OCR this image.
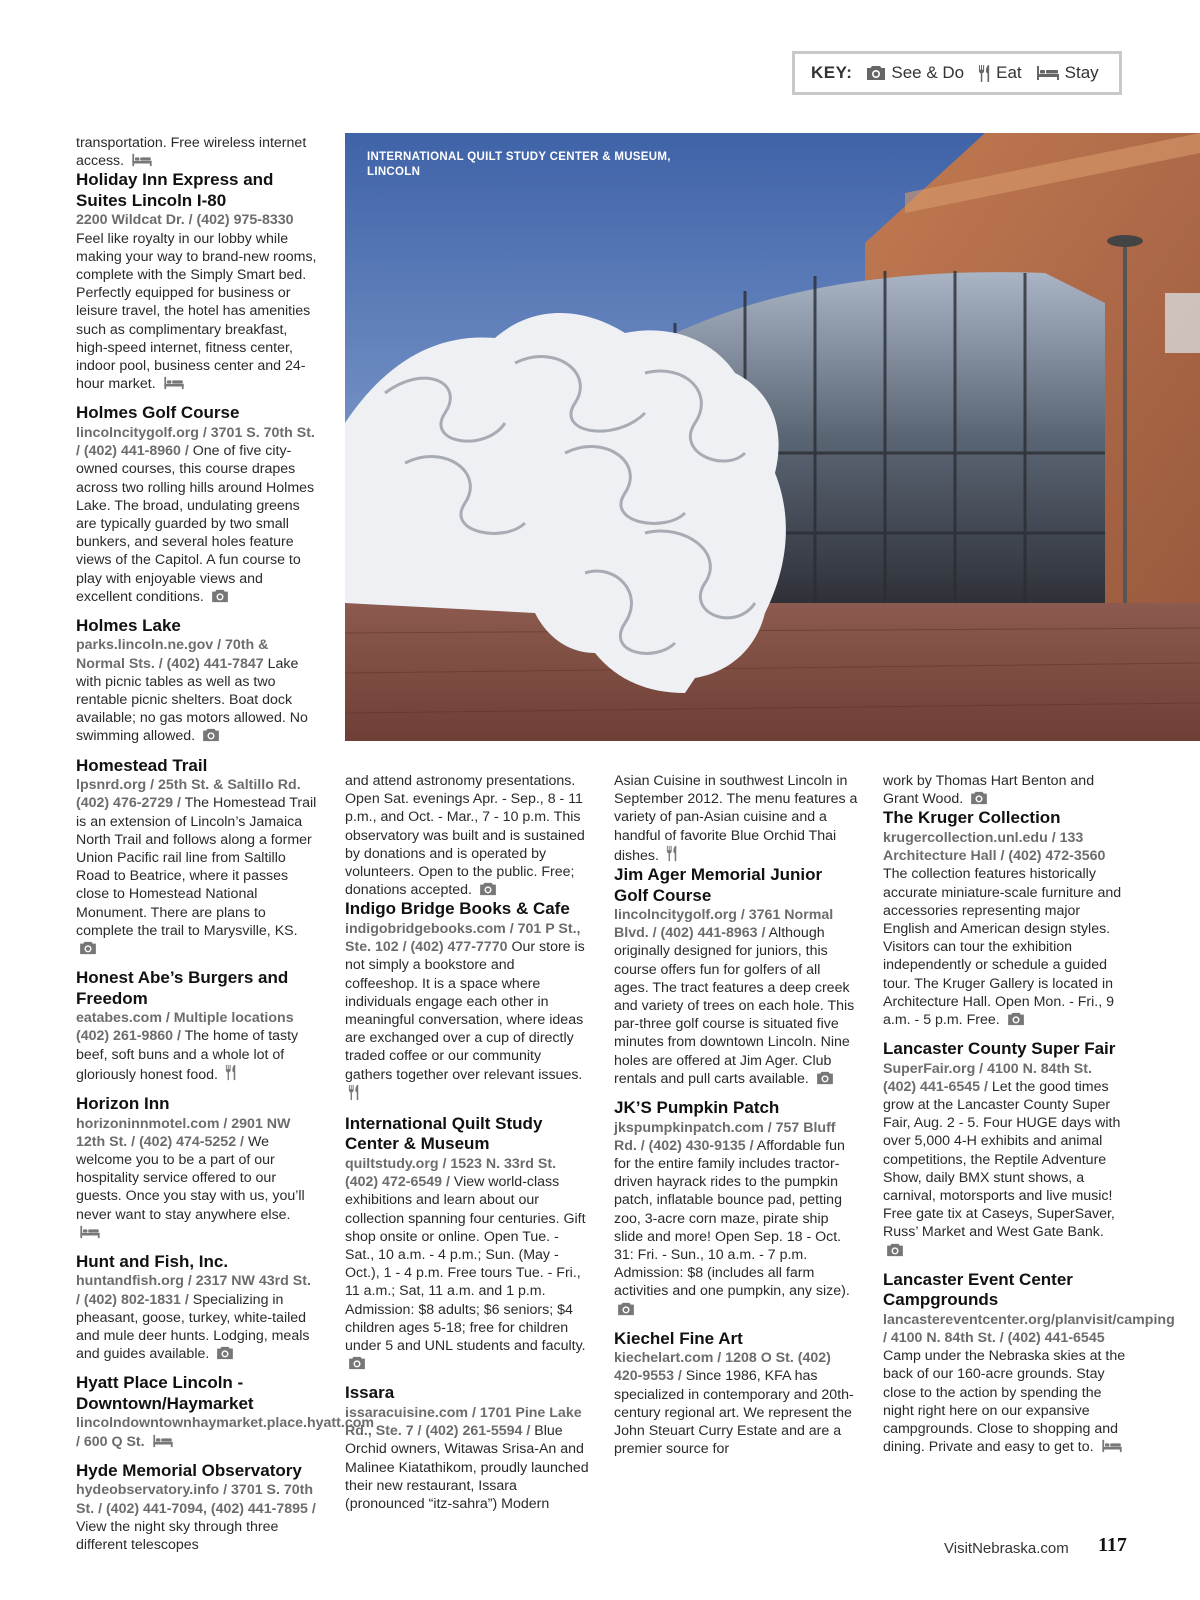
KEY: See & Do Eat	Stay
INTERNATIONAL QUILT STUDY CENTER & MUSEUM, LINCOLN

transportation. Free wireless internet access.

Holiday Inn Express and Suites Lincoln I-80

2200 Wildcat Dr. / (402) 975-8330 Feel like royalty in our lobby while making your way to brand-new rooms, complete with the Simply Smart bed. Perfectly equipped for business or leisure travel, the hotel has amenities such as complimentary breakfast, high-speed internet, fitness center, indoor pool, business center and 24-hour market.

Holmes Golf Course

lincolncitygolf.org / 3701 S. 70th St. / (402) 441-8960 / One of five city-owned courses, this course drapes across two rolling hills around Holmes Lake. The broad, undulating greens are typically guarded by two small bunkers, and several holes feature views of the Capitol. A fun course to play with enjoyable views and excellent conditions.

Holmes Lake

parks.lincoln.ne.gov / 70th & Normal Sts. / (402) 441-7847 Lake with picnic tables as well as two rentable picnic shelters. Boat dock available; no gas motors allowed. No swimming allowed.

Homestead Trail

lpsnrd.org / 25th St. & Saltillo Rd. (402) 476-2729 / The Homestead Trail is an extension of Lincoln’s Jamaica North Trail and follows along a former Union Pacific rail line from Saltillo Road to Beatrice, where it passes close to Homestead National Monument. There are plans to complete the trail to Marysville, KS.

Honest Abe’s Burgers and Freedom

eatabes.com / Multiple locations (402) 261-9860 / The home of tasty beef, soft buns and a whole lot of gloriously honest food.

Horizon Inn

horizoninnmotel.com / 2901 NW 12th St. / (402) 474-5252 / We welcome you to be a part of our hospitality service offered to our guests. Once you stay with us, you’ll never want to stay anywhere else.

Hunt and Fish, Inc.

huntandfish.org / 2317 NW 43rd St. / (402) 802-1831 / Specializing in pheasant, goose, turkey, white-tailed and mule deer hunts. Lodging, meals and guides available.

Hyatt Place Lincoln - Downtown/Haymarket

lincolndowntownhaymarket.place.hyatt.com / 600 Q St.

Hyde Memorial Observatory

hydeobservatory.info / 3701 S. 70th St. / (402) 441-7094, (402) 441-7895 / View the night sky through three different telescopes

and attend astronomy presentations. Open Sat. evenings Apr. - Sep., 8 - 11 p.m., and Oct. - Mar., 7 - 10 p.m. This observatory was built and is sustained by donations and is operated by volunteers. Open to the public. Free; donations accepted.

Indigo Bridge Books & Cafe

indigobridgebooks.com / 701 P St., Ste. 102 / (402) 477-7770 Our store is not simply a bookstore and coffeeshop. It is a space where individuals engage each other in meaningful conversation, where ideas are exchanged over a cup of directly traded coffee or our community gathers together over relevant issues.

International Quilt Study Center & Museum

quiltstudy.org / 1523 N. 33rd St. (402) 472-6549 / View world-class exhibitions and learn about our collection spanning four centuries. Gift shop onsite or online. Open Tue. - Sat., 10 a.m. - 4 p.m.; Sun. (May - Oct.), 1 - 4 p.m. Free tours Tue. - Fri., 11 a.m.; Sat, 11 a.m. and 1 p.m. Admission: $8 adults; $6 seniors; $4 children ages 5-18; free for children under 5 and UNL students and faculty.

Issara

issaracuisine.com / 1701 Pine Lake Rd., Ste. 7 / (402) 261-5594 / Blue Orchid owners, Witawas Srisa-An and Malinee Kiatathikom, proudly launched their new restaurant, Issara (pronounced “itz-sahra”) Modern

Asian Cuisine in southwest Lincoln in September 2012. The menu features a variety of pan-Asian cuisine and a handful of favorite Blue Orchid Thai dishes.

Jim Ager Memorial Junior Golf Course

lincolncitygolf.org / 3761 Normal Blvd. / (402) 441-8963 / Although originally designed for juniors, this course offers fun for golfers of all ages. The tract features a deep creek and variety of trees on each hole. This par-three golf course is situated five minutes from downtown Lincoln. Nine holes are offered at Jim Ager. Club rentals and pull carts available.

JK’S Pumpkin Patch

jkspumpkinpatch.com / 757 Bluff Rd. / (402) 430-9135 / Affordable fun for the entire family includes tractor-driven hayrack rides to the pumpkin patch, inflatable bounce pad, petting zoo, 3-acre corn maze, pirate ship slide and more! Open Sep. 18 - Oct. 31: Fri. - Sun., 10 a.m. - 7 p.m. Admission: $8 (includes all farm activities and one pumpkin, any size).

Kiechel Fine Art

kiechelart.com / 1208 O St. (402) 420-9553 / Since 1986, KFA has specialized in contemporary and 20th-century regional art. We represent the John Steuart Curry Estate and are a premier source for

work by Thomas Hart Benton and Grant Wood.

The Kruger Collection

krugercollection.unl.edu / 133 Architecture Hall / (402) 472-3560 The collection features historically accurate miniature-scale furniture and accessories representing major English and American design styles. Visitors can tour the exhibition independently or schedule a guided tour. The Kruger Gallery is located in Architecture Hall. Open Mon. - Fri., 9 a.m. - 5 p.m. Free.

Lancaster County Super Fair

SuperFair.org / 4100 N. 84th St. (402) 441-6545 / Let the good times grow at the Lancaster County Super Fair, Aug. 2 - 5. Four HUGE days with over 5,000 4-H exhibits and animal competitions, the Reptile Adventure Show, daily BMX stunt shows, a carnival, motorsports and live music! Free gate tix at Caseys, SuperSaver, Russ’ Market and West Gate Bank.

Lancaster Event Center Campgrounds

lancastereventcenter.org/planvisit/camping / 4100 N. 84th St. / (402) 441-6545 Camp under the Nebraska skies at the back of our 160-acre grounds. Stay close to the action by spending the night right here on our expansive campgrounds. Close to shopping and dining. Private and easy to get to.

VisitNebraska.com 117
